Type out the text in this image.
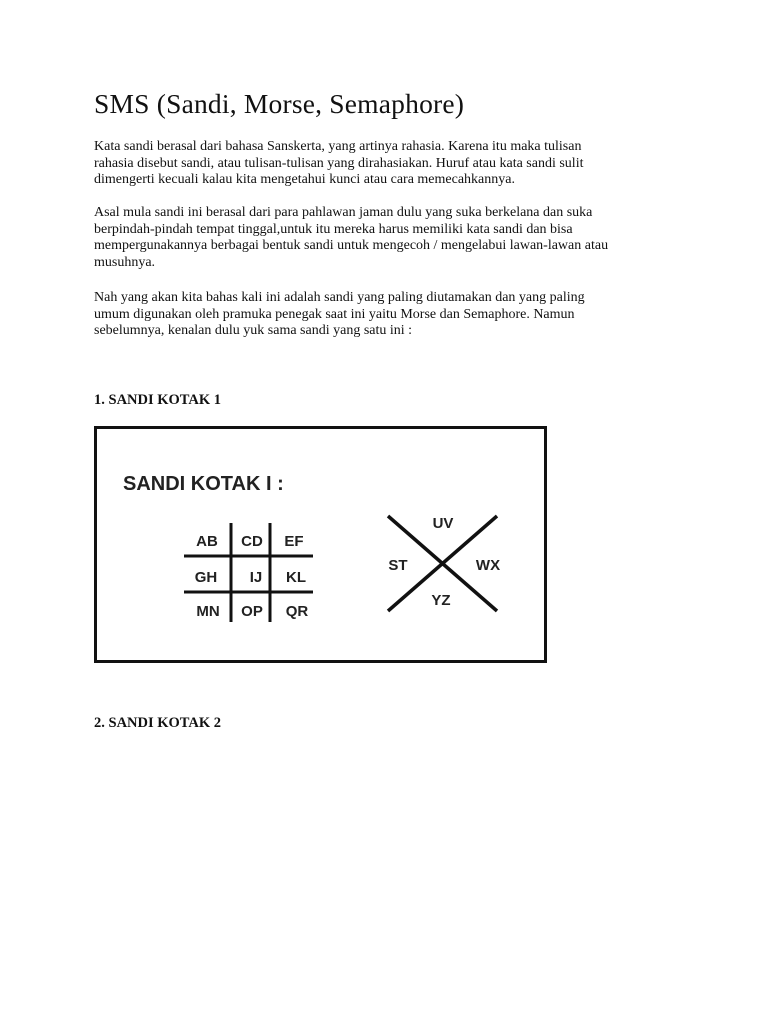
SMS (Sandi, Morse, Semaphore)

Kata sandi berasal dari bahasa Sanskerta, yang artinya rahasia. Karena itu maka tulisan
rahasia disebut sandi, atau tulisan-tulisan yang dirahasiakan. Huruf atau kata sandi sulit
dimengerti kecuali kalau kita mengetahui kunci atau cara memecahkannya.

Asal mula sandi ini berasal dari para pahlawan jaman dulu yang suka berkelana dan suka
berpindah-pindah tempat tinggal,untuk itu mereka harus memiliki kata sandi dan bisa
mempergunakannya berbagai bentuk sandi untuk mengecoh / mengelabui lawan-lawan atau
musuhnya.

Nah yang akan kita bahas kali ini adalah sandi yang paling diutamakan dan yang paling
umum digunakan oleh pramuka penegak saat ini yaitu Morse dan Semaphore. Namun
sebelumnya, kenalan dulu yuk sama sandi yang satu ini :

1. SANDI KOTAK 1
2. SANDI KOTAK 2
SANDI KOTAK I :
AB CD EF
GH IJ KL
MN OP QR
UV
ST	WX
YZ
